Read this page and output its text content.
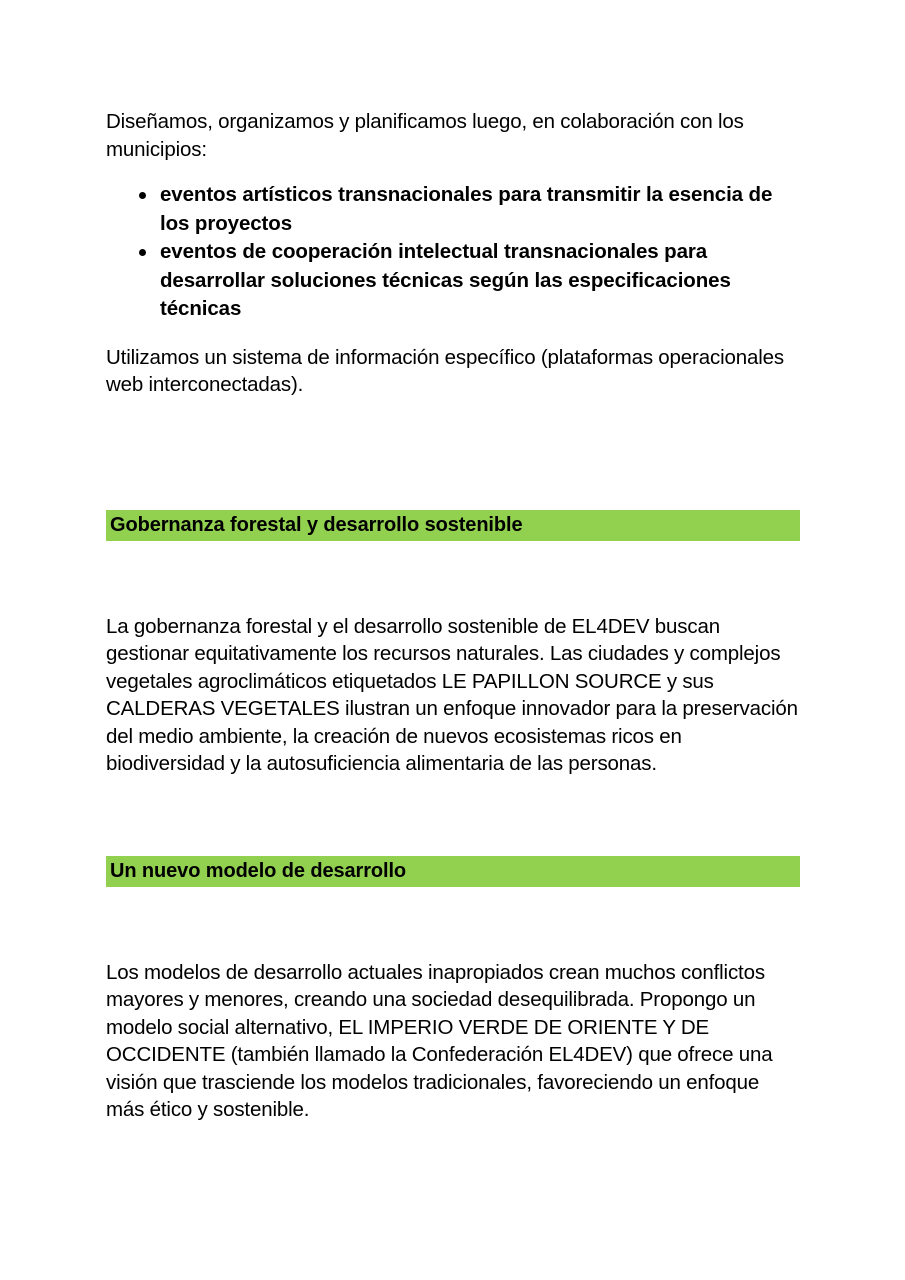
Diseñamos, organizamos y planificamos luego, en colaboración con los municipios:

eventos artísticos transnacionales para transmitir la esencia de los proyectos
eventos de cooperación intelectual transnacionales para desarrollar soluciones técnicas según las especificaciones técnicas

Utilizamos un sistema de información específico (plataformas operacionales web interconectadas).

Gobernanza forestal y desarrollo sostenible

La gobernanza forestal y el desarrollo sostenible de EL4DEV buscan gestionar equitativamente los recursos naturales. Las ciudades y complejos vegetales agroclimáticos etiquetados LE PAPILLON SOURCE y sus CALDERAS VEGETALES ilustran un enfoque innovador para la preservación del medio ambiente, la creación de nuevos ecosistemas ricos en biodiversidad y la autosuficiencia alimentaria de las personas.

Un nuevo modelo de desarrollo

Los modelos de desarrollo actuales inapropiados crean muchos conflictos mayores y menores, creando una sociedad desequilibrada. Propongo un modelo social alternativo, EL IMPERIO VERDE DE ORIENTE Y DE OCCIDENTE (también llamado la Confederación EL4DEV) que ofrece una visión que trasciende los modelos tradicionales, favoreciendo un enfoque más ético y sostenible.
